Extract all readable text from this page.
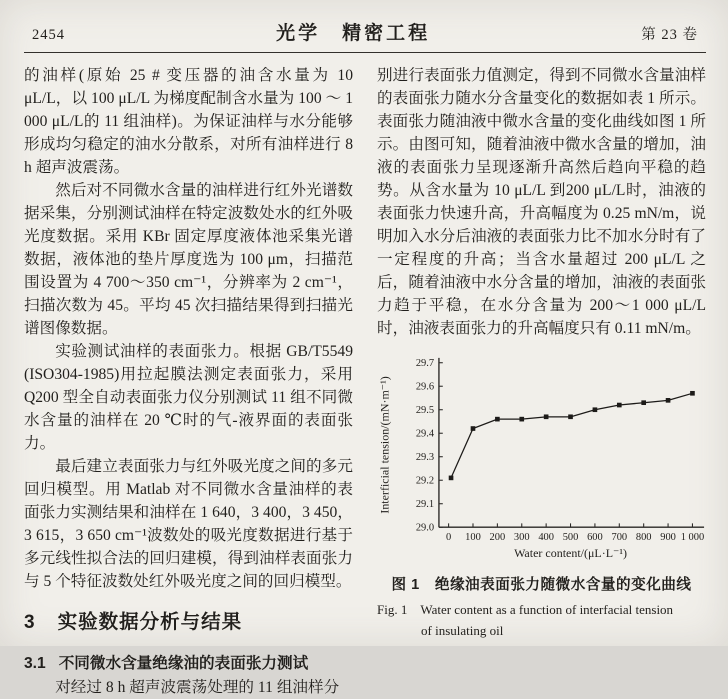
2454	光学　精密工程	第 23 卷

的油样(原始 25 # 变压器的油含水量为 10 μL/L，以 100 μL/L 为梯度配制含水量为 100 ～ 1 000 μL/L的 11 组油样)。为保证油样与水分能够形成均匀稳定的油水分散系，对所有油样进行 8 h 超声波震荡。

然后对不同微水含量的油样进行红外光谱数据采集，分别测试油样在特定波数处水的红外吸光度数据。采用 KBr 固定厚度液体池采集光谱数据，液体池的垫片厚度选为 100 μm，扫描范围设置为 4 700～350 cm⁻¹，分辨率为 2 cm⁻¹，扫描次数为 45。平均 45 次扫描结果得到扫描光谱图像数据。

实验测试油样的表面张力。根据 GB/T5549 (ISO304-1985)用拉起膜法测定表面张力，采用 Q200 型全自动表面张力仪分别测试 11 组不同微水含量的油样在 20 ℃时的气-液界面的表面张力。

最后建立表面张力与红外吸光度之间的多元回归模型。用 Matlab 对不同微水含量油样的表面张力实测结果和油样在 1 640，3 400，3 450，3 615，3 650 cm⁻¹波数处的吸光度数据进行基于多元线性拟合法的回归建模，得到油样表面张力与 5 个特征波数处红外吸光度之间的回归模型。

3 实验数据分析与结果
3.1 不同微水含量绝缘油的表面张力测试

对经过 8 h 超声波震荡处理的 11 组油样分

别进行表面张力值测定，得到不同微水含量油样的表面张力随水分含量变化的数据如表 1 所示。表面张力随油液中微水含量的变化曲线如图 1 所示。由图可知，随着油液中微水含量的增加，油液的表面张力呈现逐渐升高然后趋向平稳的趋势。从含水量为 10 μL/L 到200 μL/L时，油液的表面张力快速升高，升高幅度为 0.25 mN/m，说明加入水分后油液的表面张力比不加水分时有了一定程度的升高；当含水量超过 200 μL/L 之后，随着油液中水分含量的增加，油液的表面张力趋于平稳，在水分含量为 200～1 000 μL/L 时，油液表面张力的升高幅度只有 0.11 mN/m。

0 100 200 300 400 500 600 700 800 900 1 000
29.0
29.1
29.2
29.3
29.4
29.5
29.6
29.7
Water content/(μL·L⁻¹)
Interficial tension/(mN·m⁻¹)
图 1　绝缘油表面张力随微水含量的变化曲线
Fig. 1　Water content as a function of interfacial tension
of insulating oil
